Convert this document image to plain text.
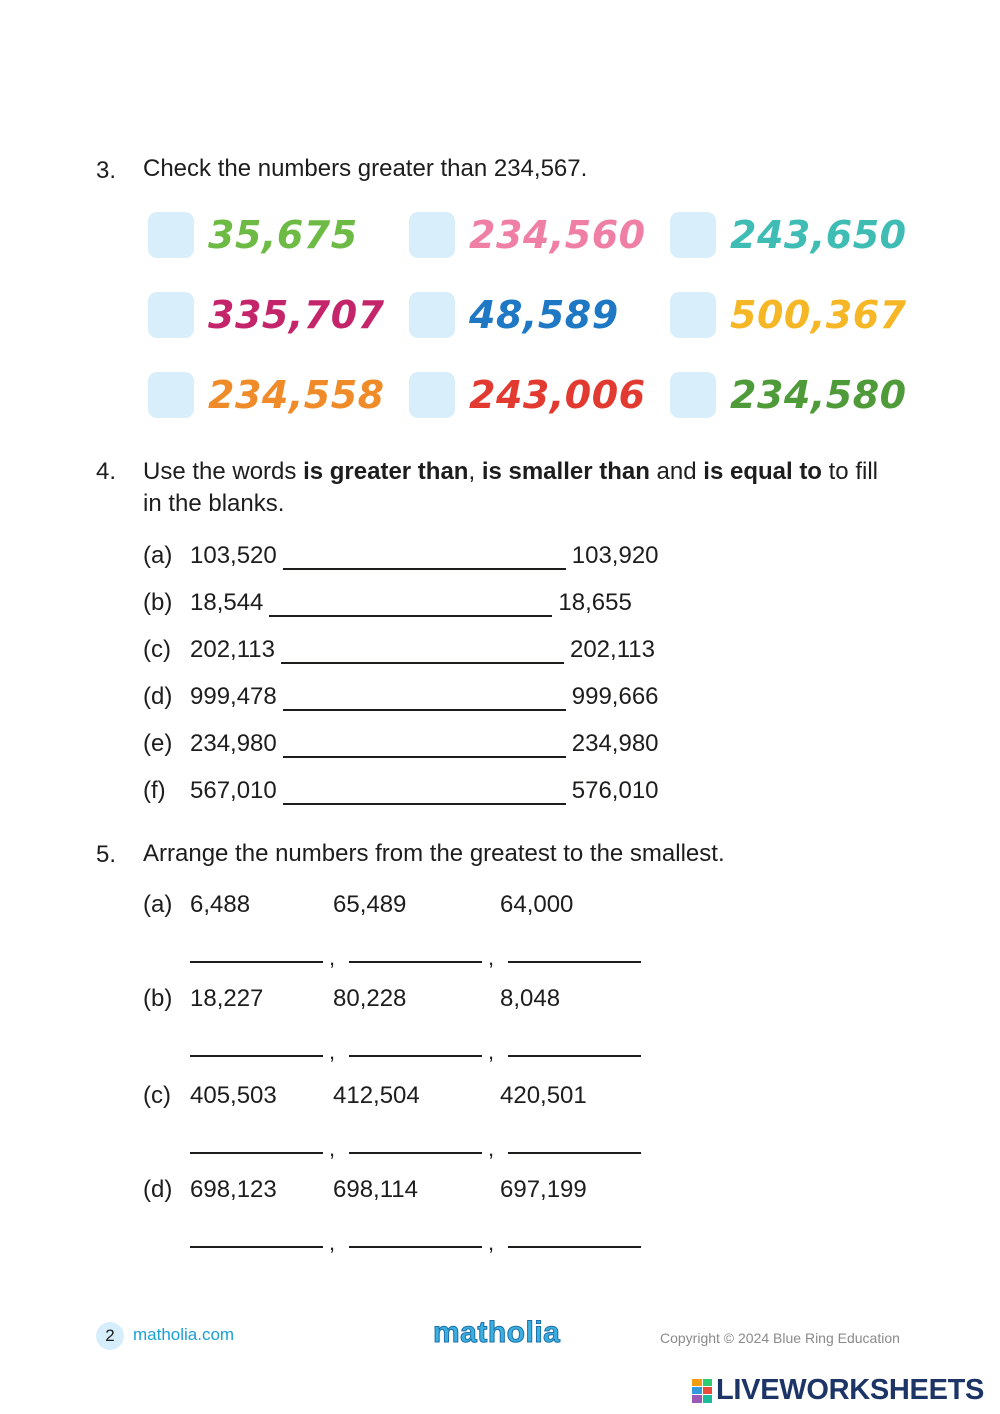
3. Check the numbers greater than 234,567.
35,675	234,560 243,650
335,707 48,589	500,367
234,558 243,006 234,580
4. Use the words is greater than, is smaller than and is equal to to fill in the blanks.
(a) 103,520	103,920
(b) 18,544	18,655
(c) 202,113	202,113
(d) 999,478	999,666
(e) 234,980	234,980
(f)	567,010	576,010
5. Arrange the numbers from the greatest to the smallest.
(a) 6,488	65,489	64,000
,	,
(b) 18,227	80,228	8,048
,	,
(c) 405,503 412,504	420,501
,	,
(d) 698,123 698,114	697,199
,	,
2	matholia.com	matholia	Copyright © 2024 Blue Ring Education
LIVEWORKSHEETS
